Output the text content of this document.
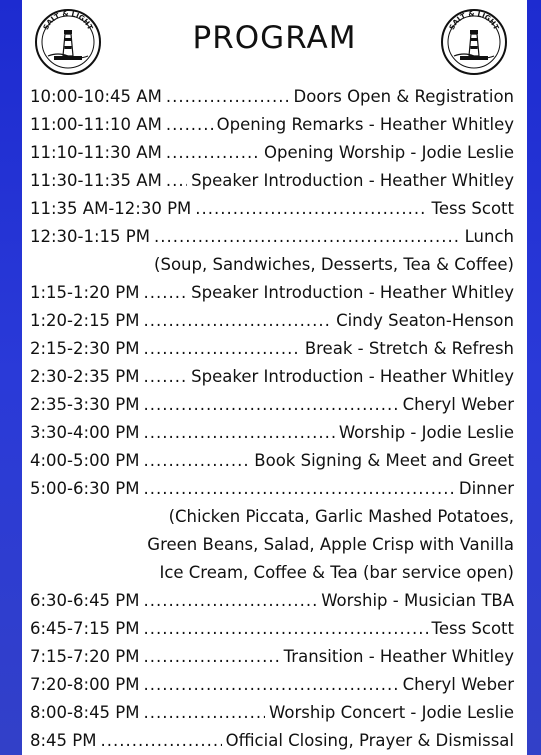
SALT & LIGHT	SALT & LIGHT
PROGRAM
10:00-10:45 AM .....	Doors Open & Registration
11:00-11:10 AM .....	Opening Remarks - Heather Whitley
11:10-11:30 AM .....	Opening Worship - Jodie Leslie
11:30-11:35 AM ..... Speaker Introduction - Heather Whitley
11:35 AM-12:30 PM .....	Tess Scott
12:30-1:15 PM .....	Lunch
(Soup, Sandwiches, Desserts, Tea & Coffee)
1:15-1:20 PM .....	Speaker Introduction - Heather Whitley
1:20-2:15 PM .....	Cindy Seaton-Henson
2:15-2:30 PM .....	Break - Stretch & Refresh
2:30-2:35 PM .....	Speaker Introduction - Heather Whitley
2:35-3:30 PM .....	Cheryl Weber
3:30-4:00 PM .....	Worship - Jodie Leslie
4:00-5:00 PM .....	Book Signing & Meet and Greet
5:00-6:30 PM .....	Dinner
(Chicken Piccata, Garlic Mashed Potatoes,
Green Beans, Salad, Apple Crisp with Vanilla
Ice Cream, Coffee & Tea (bar service open)
6:30-6:45 PM .....	Worship - Musician TBA
6:45-7:15 PM .....	Tess Scott
7:15-7:20 PM .....	Transition - Heather Whitley
7:20-8:00 PM .....	Cheryl Weber
8:00-8:45 PM .....	Worship Concert - Jodie Leslie
8:45 PM .....	Official Closing, Prayer & Dismissal
